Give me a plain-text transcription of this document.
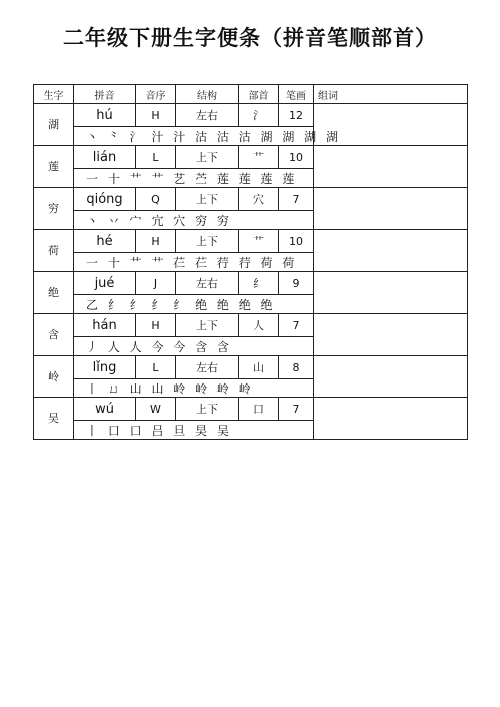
二年级下册生字便条（拼音笔顺部首）
生字	拼音	音序	结构	部首	笔画	组词
湖	hú	H	左右	氵	12	
	丶 ⺀ 氵 汁 汁 沽 沽 沽 湖 湖 湖 湖					
莲	lián	L	上下	艹	10	
	一 十 艹 艹 艺 苎 莲 莲 莲 莲					
穷	qióng	Q	上下	穴	7	
	丶 丷 宀 宂 穴 穷 穷					
荷	hé	H	上下	艹	10	
	一 十 艹 艹 芢 芢 荇 荇 荷 荷					
绝	jué	J	左右	纟	9	
	乙 纟 纟 纟 纟 绝 绝 绝 绝					
含	hán	H	上下	人	7	
	丿 人 人 今 今 含 含					
岭	lǐng	L	左右	山	8	
	丨 ㄩ 山 山 岭 岭 岭 岭					
吴	wú	W	上下	口	7	
	丨 口 口 吕 旦 旲 吴					
